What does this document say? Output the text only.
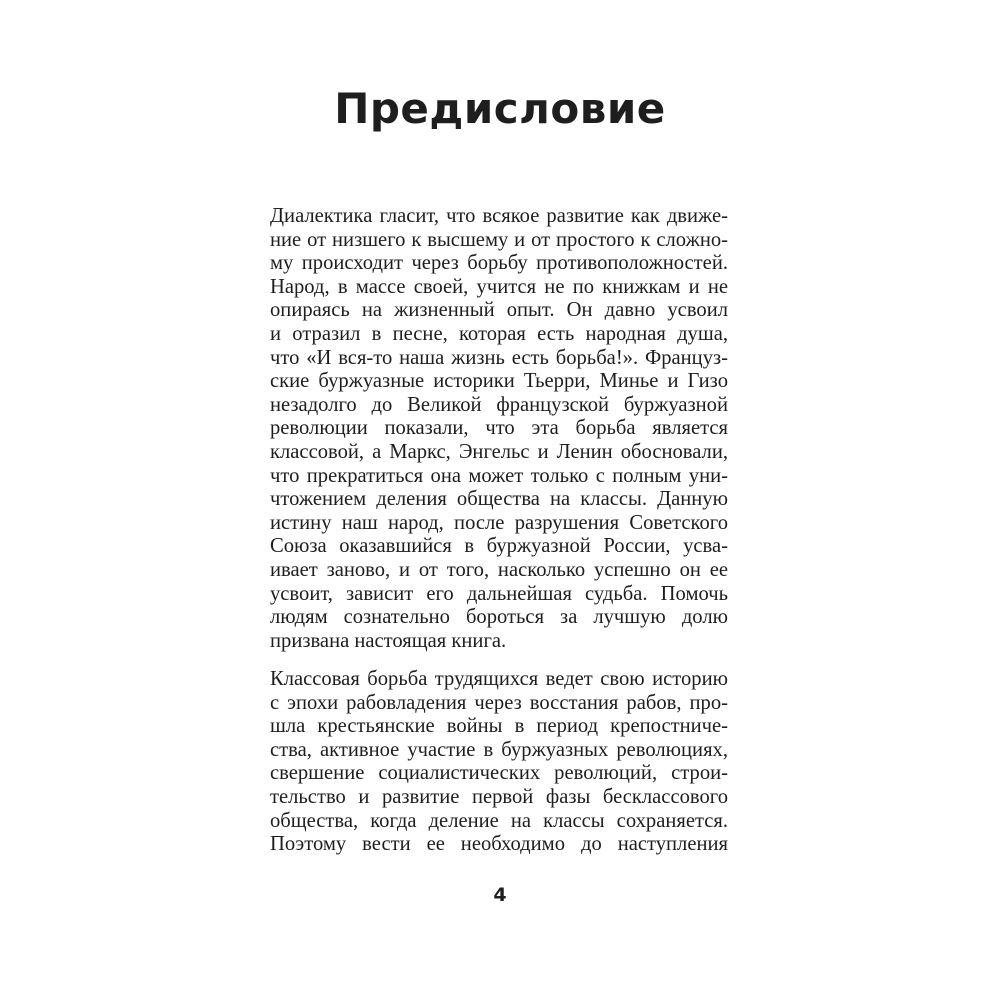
Предисловие
Диалектика гласит, что всякое развитие как движе-
ние от низшего к высшему и от простого к сложно-
му происходит через борьбу противоположностей.
Народ, в массе своей, учится не по книжкам и не
опираясь на жизненный опыт. Он давно усвоил
и отразил в песне, которая есть народная душа,
что «И вся-то наша жизнь есть борьба!». Француз-
ские буржуазные историки Тьерри, Минье и Гизо
незадолго до Великой французской буржуазной
революции показали, что эта борьба является
классовой, а Маркс, Энгельс и Ленин обосновали,
что прекратиться она может только с полным уни-
чтожением деления общества на классы. Данную
истину наш народ, после разрушения Советского
Союза оказавшийся в буржуазной России, усва-
ивает заново, и от того, насколько успешно он ее
усвоит, зависит его дальнейшая судьба. Помочь
людям сознательно бороться за лучшую долю
призвана настоящая книга.
Классовая борьба трудящихся ведет свою историю
с эпохи рабовладения через восстания рабов, про-
шла крестьянские войны в период крепостниче-
ства, активное участие в буржуазных революциях,
свершение социалистических революций, строи-
тельство и развитие первой фазы бесклассового
общества, когда деление на классы сохраняется.
Поэтому вести ее необходимо до наступления
4
